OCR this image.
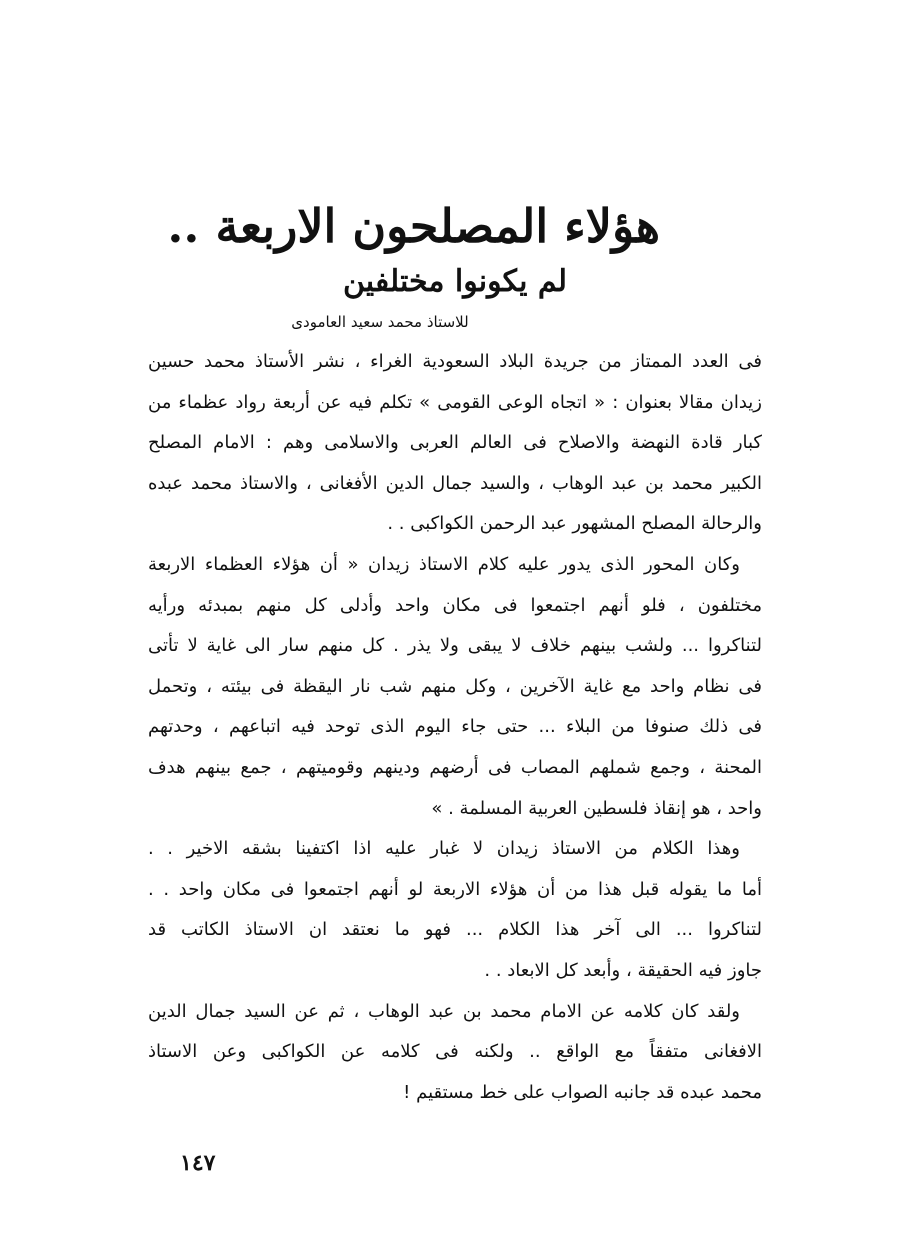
هؤلاء المصلحون الاربعة ..
لم يكونوا مختلفين
للاستاذ محمد سعيد العامودى
فى العدد الممتاز من جريدة البلاد السعودية الغراء ، نشر الأستاذ محمد حسين
زيدان مقالا بعنوان : « اتجاه الوعى القومى » تكلم فيه عن أربعة رواد عظماء من
كبار قادة النهضة والاصلاح فى العالم العربى والاسلامى وهم : الامام المصلح
الكبير محمد بن عبد الوهاب ، والسيد جمال الدين الأفغانى ، والاستاذ محمد عبده
والرحالة المصلح المشهور عبد الرحمن الكواكبى . .
وكان المحور الذى يدور عليه كلام الاستاذ زيدان « أن هؤلاء العظماء الاربعة
مختلفون ، فلو أنهم اجتمعوا فى مكان واحد وأدلى كل منهم بمبدئه ورأيه
لتناكروا ... ولشب بينهم خلاف لا يبقى ولا يذر . كل منهم سار الى غاية لا تأتى
فى نظام واحد مع غاية الآخرين ، وكل منهم شب نار اليقظة فى بيئته ، وتحمل
فى ذلك صنوفا من البلاء ... حتى جاء اليوم الذى توحد فيه اتباعهم ، وحدتهم
المحنة ، وجمع شملهم المصاب فى أرضهم ودينهم وقوميتهم ، جمع بينهم هدف
واحد ، هو إنقاذ فلسطين العربية المسلمة . »
وهذا الكلام من الاستاذ زيدان لا غبار عليه اذا اكتفينا بشقه الاخير . .
أما ما يقوله قبل هذا من أن هؤلاء الاربعة لو أنهم اجتمعوا فى مكان واحد . .
لتناكروا ... الى آخر هذا الكلام ... فهو ما نعتقد ان الاستاذ الكاتب قد
جاوز فيه الحقيقة ، وأبعد كل الابعاد . .
ولقد كان كلامه عن الامام محمد بن عبد الوهاب ، ثم عن السيد جمال الدين
الافغانى متفقاً مع الواقع .. ولكنه فى كلامه عن الكواكبى وعن الاستاذ
محمد عبده قد جانبه الصواب على خط مستقيم !
١٤٧
